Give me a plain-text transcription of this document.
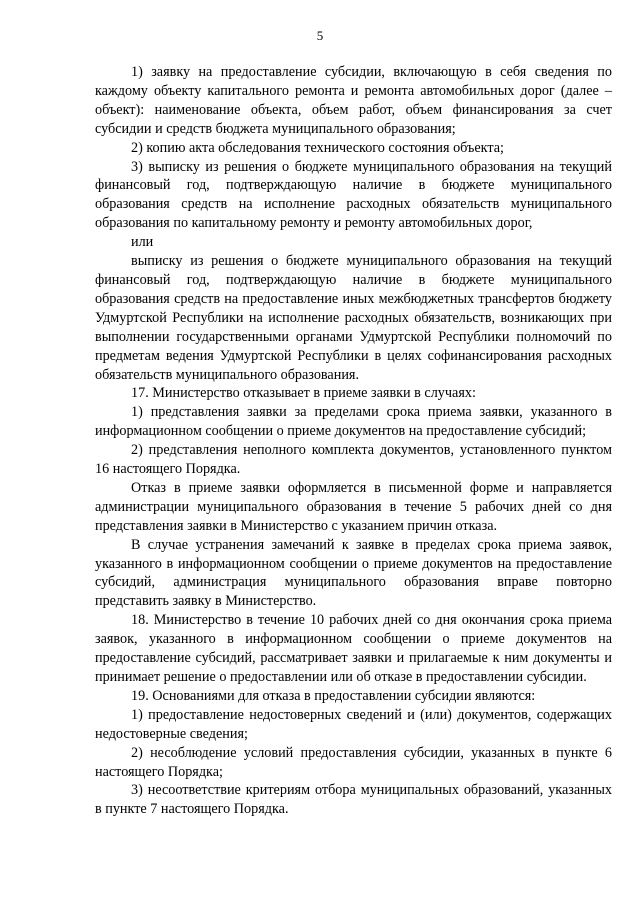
5

1) заявку на предоставление субсидии, включающую в себя сведения по каждому объекту капитального ремонта и ремонта автомобильных дорог (далее – объект): наименование объекта, объем работ, объем финансирования за счет субсидии и средств бюджета муниципального образования;

2) копию акта обследования технического состояния объекта;

3) выписку из решения о бюджете муниципального образования на текущий финансовый год, подтверждающую наличие в бюджете муниципального образования средств на исполнение расходных обязательств муниципального образования по капитальному ремонту и ремонту автомобильных дорог,

или

выписку из решения о бюджете муниципального образования на текущий финансовый год, подтверждающую наличие в бюджете муниципального образования средств на предоставление иных межбюджетных трансфертов бюджету Удмуртской Республики на исполнение расходных обязательств, возникающих при выполнении государственными органами Удмуртской Республики полномочий по предметам ведения Удмуртской Республики в целях софинансирования расходных обязательств муниципального образования.

17. Министерство отказывает в приеме заявки в случаях:

1) представления заявки за пределами срока приема заявки, указанного в информационном сообщении о приеме документов на предоставление субсидий;

2) представления неполного комплекта документов, установленного пунктом 16 настоящего Порядка.

Отказ в приеме заявки оформляется в письменной форме и направляется администрации муниципального образования в течение 5 рабочих дней со дня представления заявки в Министерство с указанием причин отказа.

В случае устранения замечаний к заявке в пределах срока приема заявок, указанного в информационном сообщении о приеме документов на предоставление субсидий, администрация муниципального образования вправе повторно представить заявку в Министерство.

18. Министерство в течение 10 рабочих дней со дня окончания срока приема заявок, указанного в информационном сообщении о приеме документов на предоставление субсидий, рассматривает заявки и прилагаемые к ним документы и принимает решение о предоставлении или об отказе в предоставлении субсидии.

19. Основаниями для отказа в предоставлении субсидии являются:

1) предоставление недостоверных сведений и (или) документов, содержащих недостоверные сведения;

2) несоблюдение условий предоставления субсидии, указанных в пункте 6 настоящего Порядка;

3) несоответствие критериям отбора муниципальных образований, указанных в пункте 7 настоящего Порядка.
